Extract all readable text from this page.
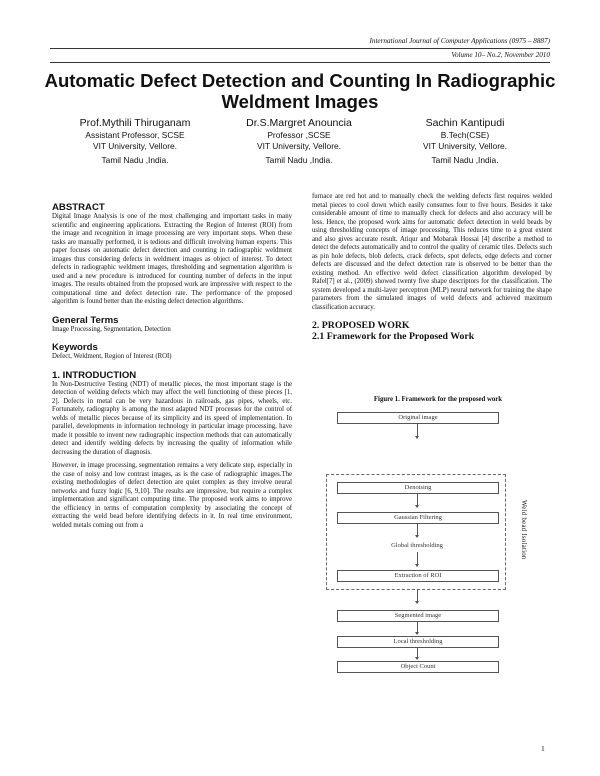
International Journal of Computer Applications (0975 – 8887)
Volume 10– No.2, November 2010
Automatic Defect Detection and Counting In Radiographic Weldment Images
Prof.Mythili Thiruganam
Assistant Professor, SCSE
VIT University, Vellore.
Tamil Nadu ,India.
Dr.S.Margret Anouncia
Professor ,SCSE
VIT University, Vellore.
Tamil Nadu ,India.
Sachin Kantipudi
B.Tech(CSE)
VIT University, Vellore.
Tamil Nadu ,India.
ABSTRACT

Digital Image Analysis is one of the most challenging and important tasks in many scientific and engineering applications. Extracting the Region of Interest (ROI) from the image and recognition in image processing are very important steps. When these tasks are manually performed, it is tedious and difficult involving human experts. This paper focuses on automatic defect detection and counting in radiographic weldment images thus considering defects in weldment images as object of interest. To detect defects in radiographic weldment images, thresholding and segmentation algorithm is used and a new procedure is introduced for counting number of defects in the input images. The results obtained from the proposed work are impressive with respect to the computational time and defect detection rate. The performance of the proposed algorithm is found better than the existing defect detection algorithms.

General Terms

Image Processing, Segmentation, Detection

Keywords

Defect, Weldment, Region of Interest (ROI)

1. INTRODUCTION

In Non-Destructive Testing (NDT) of metallic pieces, the most important stage is the detection of welding defects which may affect the well functioning of these pieces [1, 2]. Defects in metal can be very hazardous in railroads, gas pipes, wheels, etc. Fortunately, radiography is among the most adapted NDT processes for the control of welds of metallic pieces because of its simplicity and its speed of implementation. In parallel, developments in information technology in particular image processing, have made it possible to invent new radiographic inspection methods that can automatically detect and identify welding defects by increasing the quality of information while decreasing the duration of diagnosis.

However, in image processing, segmentation remains a very delicate step, especially in the case of noisy and low contrast images, as is the case of radiographic images.The existing methodologies of defect detection are quiet complex as they involve neural networks and fuzzy logic [6, 9,10]. The results are impressive, but require a complex implementation and significant computing time. The proposed work aims to improve the efficiency in terms of computation complexity by associating the concept of extracting the weld bead before identifying defects in it. In real time environment, welded metals coming out from a

furnace are red hot and to manually check the welding defects first requires welded metal pieces to cool down which easily consumes four to five hours. Besides it take considerable amount of time to manually check for defects and also accuracy will be less. Hence, the proposed work aims for automatic defect detection in weld beads by using thresholding concepts of image processing. This reduces time to a great extent and also gives accurate result. Atiqur and Mobarak Hossai [4] describe a method to detect the defects automatically and to control the quality of ceramic tiles. Defects such as pin hole defects, blob defects, crack defects, spot defects, edge defects and corner defects are discussed and the defect detection rate is observed to be better than the existing method. An effective weld defect classification algorithm developed by Rafel[7] et al., (2009) showed twenty five shape descriptors for the classification. The system developed a multi-layer perceptron (MLP) neural network for training the shape parameters from the simulated images of weld defects and achieved maximum classification accuracy.

2. PROPOSED WORK
2.1 Framework for the Proposed Work
Figure 1. Framework for the proposed work
Weld bead Isolation
Original image
Denoising
Gaussian Filtering
Global thresholding
Extraction of ROI
Segmented image
Local thresholding
Object Count
1
